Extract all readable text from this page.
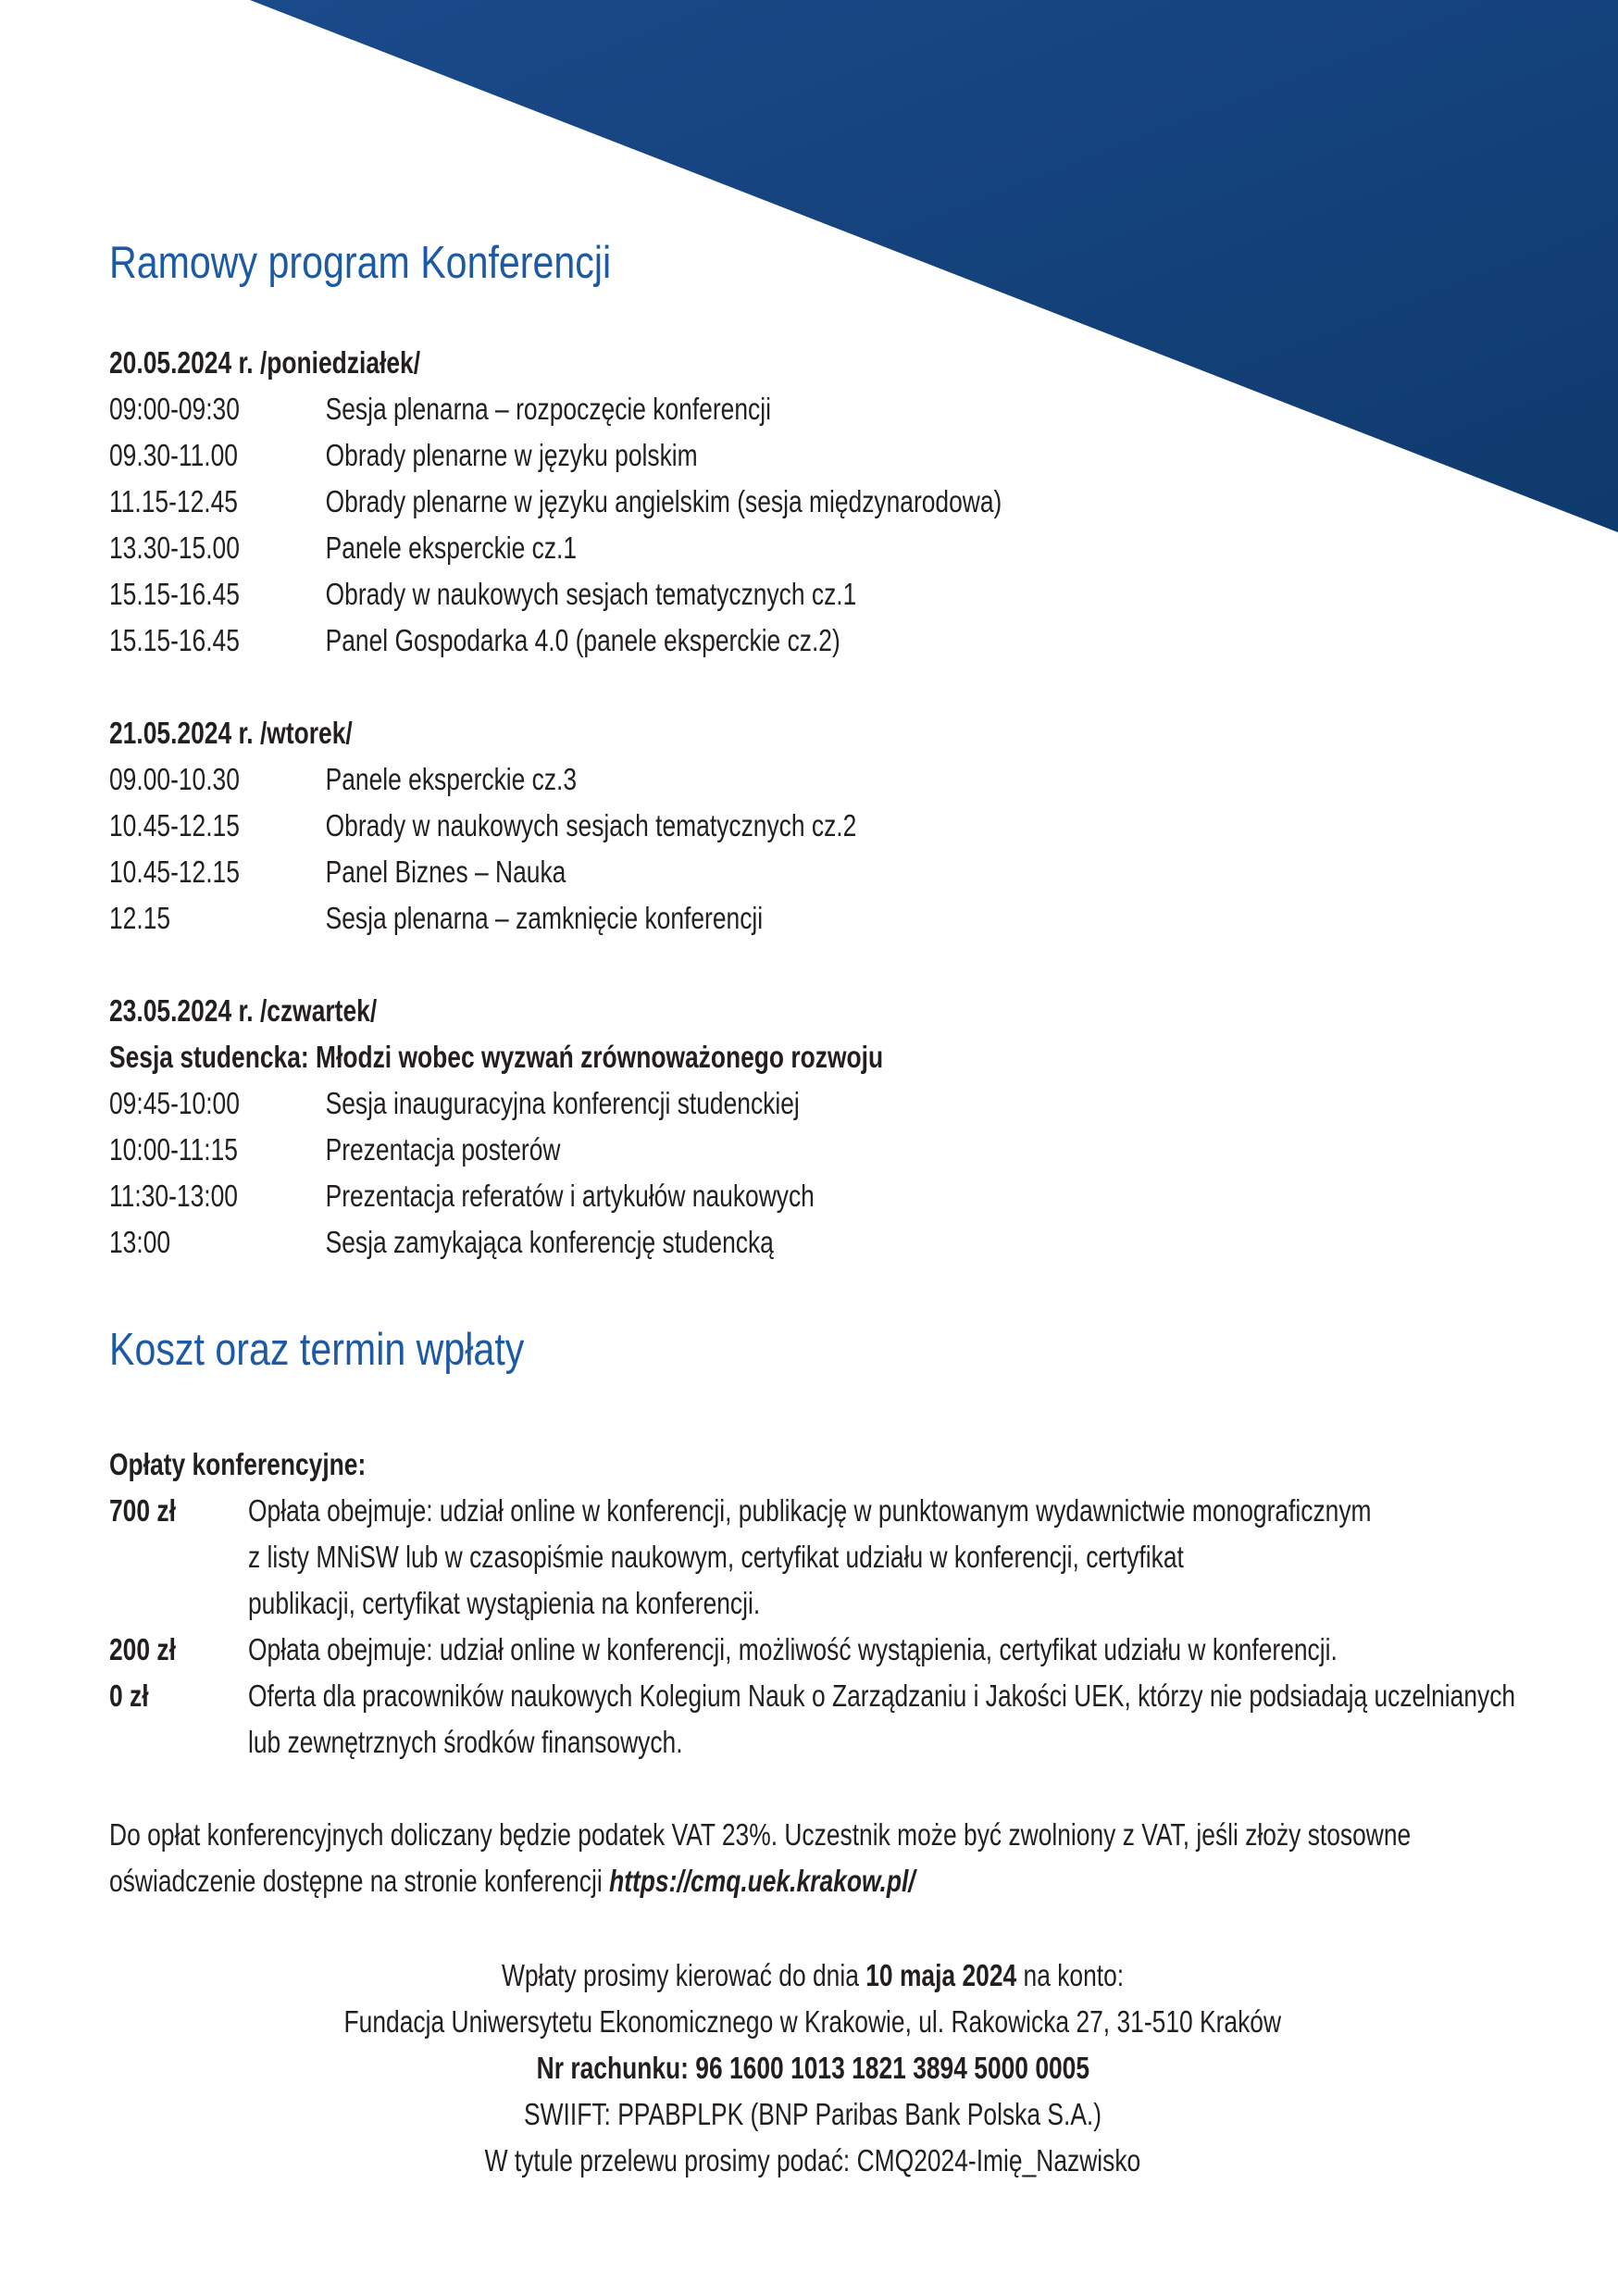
Ramowy program Konferencji
20.05.2024 r. /poniedziałek/
09:00-09:30	Sesja plenarna – rozpoczęcie konferencji
09.30-11.00	Obrady plenarne w języku polskim
11.15-12.45	Obrady plenarne w języku angielskim (sesja międzynarodowa)
13.30-15.00	Panele eksperckie cz.1
15.15-16.45	Obrady w naukowych sesjach tematycznych cz.1
15.15-16.45	Panel Gospodarka 4.0 (panele eksperckie cz.2)
21.05.2024 r. /wtorek/
09.00-10.30	Panele eksperckie cz.3
10.45-12.15	Obrady w naukowych sesjach tematycznych cz.2
10.45-12.15	Panel Biznes – Nauka
12.15	Sesja plenarna – zamknięcie konferencji
23.05.2024 r. /czwartek/
Sesja studencka: Młodzi wobec wyzwań zrównoważonego rozwoju
09:45-10:00	Sesja inauguracyjna konferencji studenckiej
10:00-11:15	Prezentacja posterów
11:30-13:00	Prezentacja referatów i artykułów naukowych
13:00	Sesja zamykająca konferencję studencką
Koszt oraz termin wpłaty
Opłaty konferencyjne:
700 zł Opłata obejmuje: udział online w konferencji, publikację w punktowanym wydawnictwie monograficznym
z listy MNiSW lub w czasopiśmie naukowym, certyfikat udziału w konferencji, certyfikat
publikacji, certyfikat wystąpienia na konferencji.
200 zł Opłata obejmuje: udział online w konferencji, możliwość wystąpienia, certyfikat udziału w konferencji.
0 zł	Oferta dla pracowników naukowych Kolegium Nauk o Zarządzaniu i Jakości UEK, którzy nie podsiadają uczelnianych
lub zewnętrznych środków finansowych.
Do opłat konferencyjnych doliczany będzie podatek VAT 23%. Uczestnik może być zwolniony z VAT, jeśli złoży stosowne
oświadczenie dostępne na stronie konferencji https://cmq.uek.krakow.pl/
Wpłaty prosimy kierować do dnia 10 maja 2024 na konto:
Fundacja Uniwersytetu Ekonomicznego w Krakowie, ul. Rakowicka 27, 31-510 Kraków
Nr rachunku: 96 1600 1013 1821 3894 5000 0005
SWIIFT: PPABPLPK (BNP Paribas Bank Polska S.A.)
W tytule przelewu prosimy podać: CMQ2024-Imię_Nazwisko
